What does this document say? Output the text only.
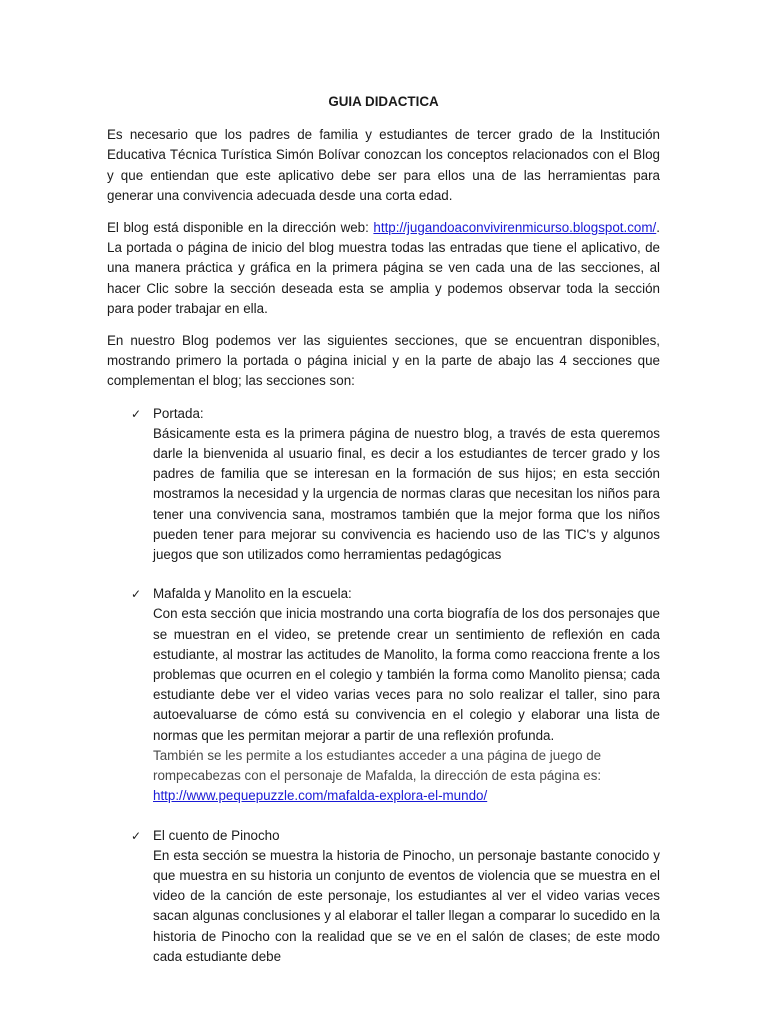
GUIA DIDACTICA

Es necesario que los padres de familia y estudiantes de tercer grado de la Institución Educativa Técnica Turística Simón Bolívar conozcan los conceptos relacionados con el Blog y que entiendan que este aplicativo debe ser para ellos una de las herramientas para generar una convivencia adecuada desde una corta edad.

El blog está disponible en la dirección web: http://jugandoaconvivirenmicurso.blogspot.com/. La portada o página de inicio del blog muestra todas las entradas que tiene el aplicativo, de una manera práctica y gráfica en la primera página se ven cada una de las secciones, al hacer Clic sobre la sección deseada esta se amplia y podemos observar toda la sección para poder trabajar en ella.

En nuestro Blog podemos ver las siguientes secciones, que se encuentran disponibles, mostrando primero la portada o página inicial y en la parte de abajo las 4 secciones que complementan el blog; las secciones son:

✓ Portada:
Básicamente esta es la primera página de nuestro blog, a través de esta queremos darle la bienvenida al usuario final, es decir a los estudiantes de tercer grado y los padres de familia que se interesan en la formación de sus hijos; en esta sección mostramos la necesidad y la urgencia de normas claras que necesitan los niños para tener una convivencia sana, mostramos también que la mejor forma que los niños pueden tener para mejorar su convivencia es haciendo uso de las TIC's y algunos juegos que son utilizados como herramientas pedagógicas
✓ Mafalda y Manolito en la escuela:
Con esta sección que inicia mostrando una corta biografía de los dos personajes que se muestran en el video, se pretende crear un sentimiento de reflexión en cada estudiante, al mostrar las actitudes de Manolito, la forma como reacciona frente a los problemas que ocurren en el colegio y también la forma como Manolito piensa; cada estudiante debe ver el video varias veces para no solo realizar el taller, sino para autoevaluarse de cómo está su convivencia en el colegio y elaborar una lista de normas que les permitan mejorar a partir de una reflexión profunda.
También se les permite a los estudiantes acceder a una página de juego de rompecabezas con el personaje de Mafalda, la dirección de esta página es:
http://www.pequepuzzle.com/mafalda-explora-el-mundo/
✓ El cuento de Pinocho
En esta sección se muestra la historia de Pinocho, un personaje bastante conocido y que muestra en su historia un conjunto de eventos de violencia que se muestra en el video de la canción de este personaje, los estudiantes al ver el video varias veces sacan algunas conclusiones y al elaborar el taller llegan a comparar lo sucedido en la historia de Pinocho con la realidad que se ve en el salón de clases; de este modo cada estudiante debe
